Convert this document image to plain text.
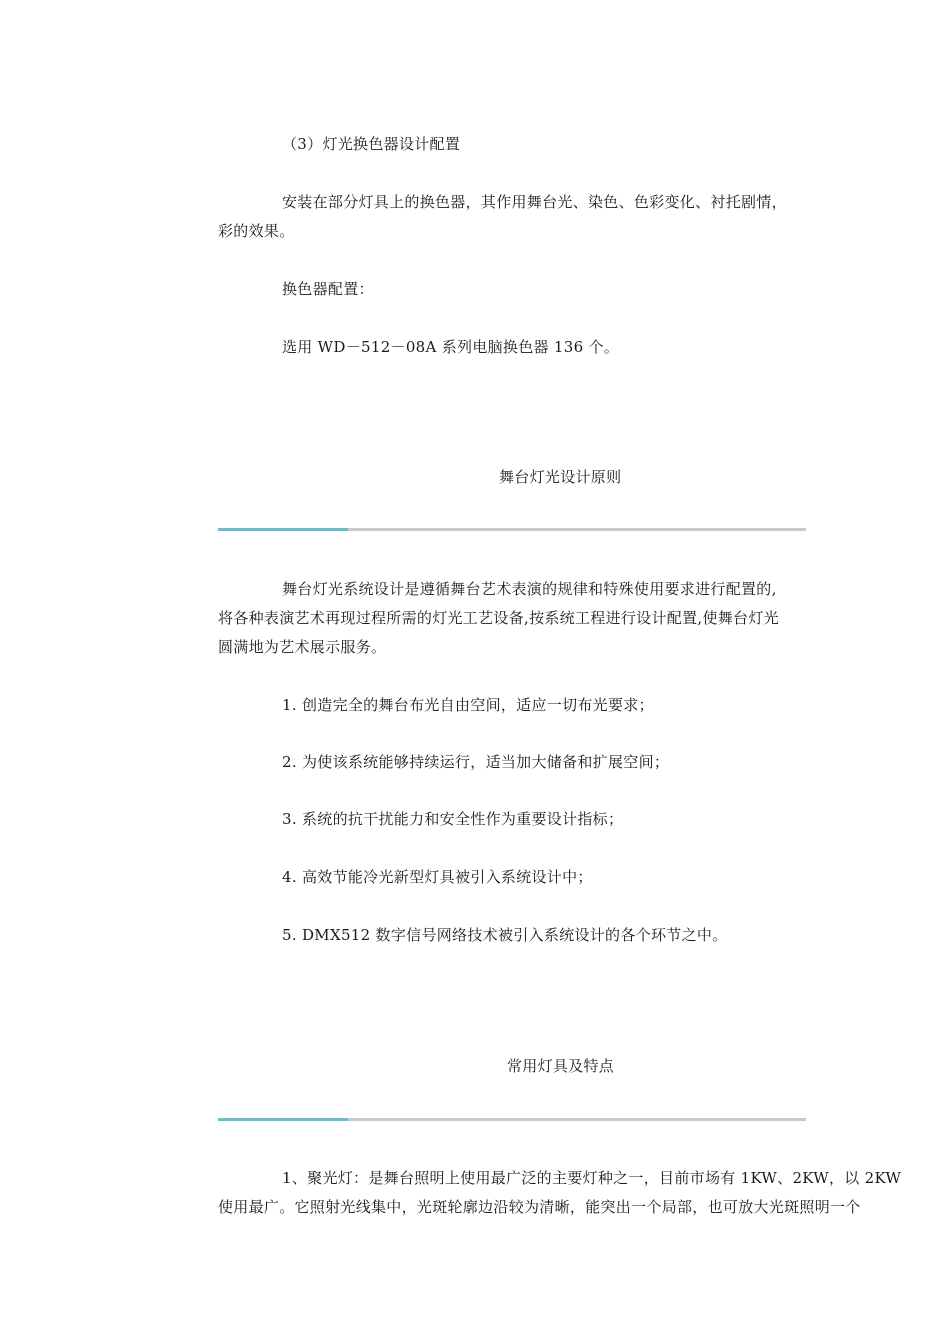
（3）灯光换色器设计配置
安装在部分灯具上的换色器，其作用舞台光、染色、色彩变化、衬托剧情，
彩的效果。
换色器配置：
选用 WD－512－08A 系列电脑换色器 136 个。
舞台灯光设计原则
舞台灯光系统设计是遵循舞台艺术表演的规律和特殊使用要求进行配置的,
将各种表演艺术再现过程所需的灯光工艺设备,按系统工程进行设计配置,使舞台灯光
圆满地为艺术展示服务。
1. 创造完全的舞台布光自由空间，适应一切布光要求；
2. 为使该系统能够持续运行，适当加大储备和扩展空间；
3. 系统的抗干扰能力和安全性作为重要设计指标；
4. 高效节能冷光新型灯具被引入系统设计中；
5. DMX512 数字信号网络技术被引入系统设计的各个环节之中。
常用灯具及特点
1、聚光灯：是舞台照明上使用最广泛的主要灯种之一，目前市场有 1KW、2KW，以 2KW
使用最广。它照射光线集中，光斑轮廓边沿较为清晰，能突出一个局部，也可放大光斑照明一个
